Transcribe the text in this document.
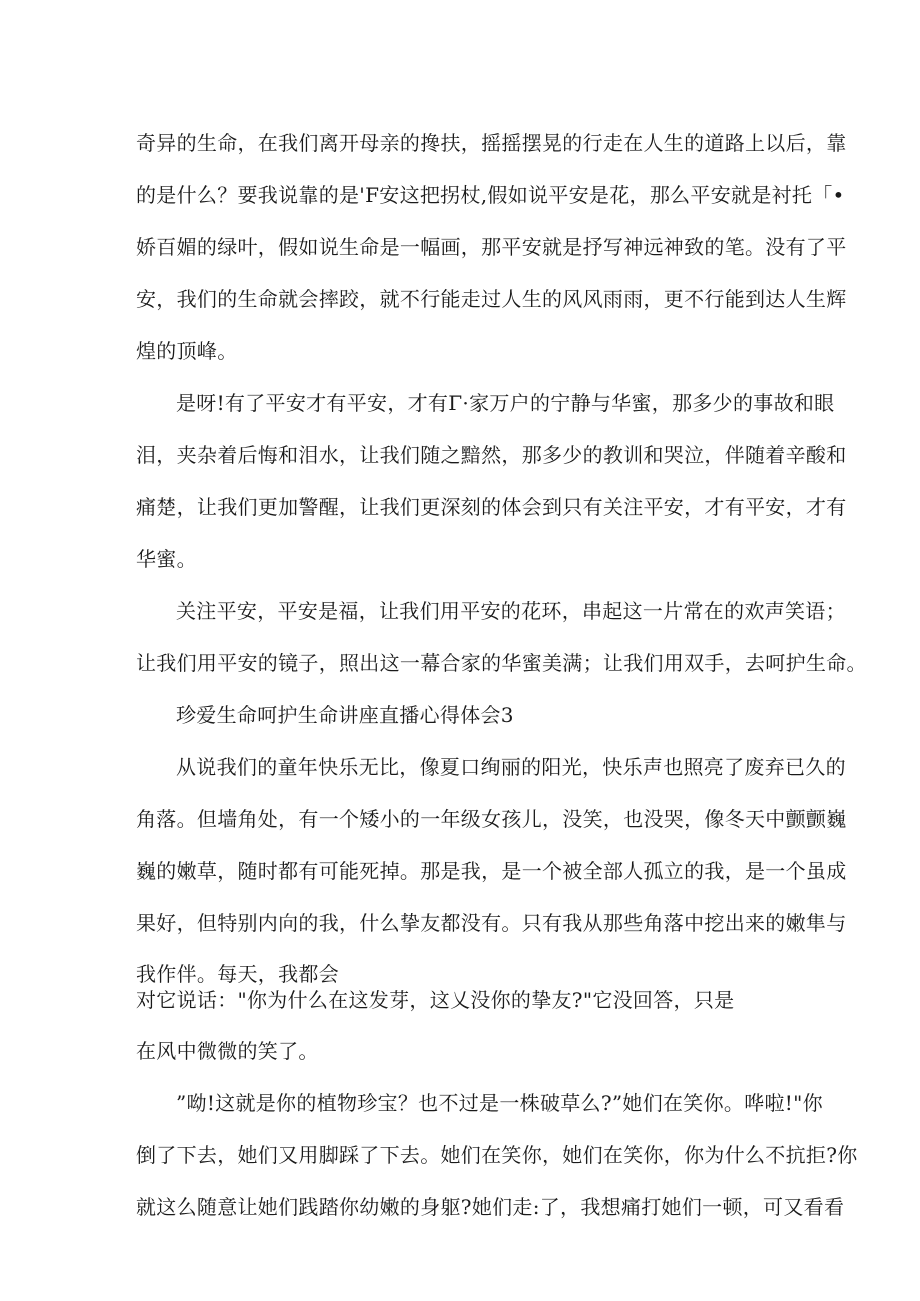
奇异的生命，在我们离开母亲的搀扶，摇摇摆晃的行走在人生的道路上以后，靠
的是什么？要我说靠的是'F安这把拐杖,假如说平安是花，那么平安就是衬托「•
娇百媚的绿叶，假如说生命是一幅画，那平安就是抒写神远神致的笔。没有了平
安，我们的生命就会摔跤，就不行能走过人生的风风雨雨，更不行能到达人生辉
煌的顶峰。
是呀!有了平安才有平安，才有Γ·家万户的宁静与华蜜，那多少的事故和眼
泪，夹杂着后悔和泪水，让我们随之黯然，那多少的教训和哭泣，伴随着辛酸和
痛楚，让我们更加警醒，让我们更深刻的体会到只有关注平安，才有平安，才有
华蜜。
关注平安，平安是福，让我们用平安的花环，串起这一片常在的欢声笑语；
让我们用平安的镜子，照出这一幕合家的华蜜美满；让我们用双手，去呵护生命。
珍爱生命呵护生命讲座直播心得体会3
从说我们的童年快乐无比，像夏口绚丽的阳光，快乐声也照亮了废弃已久的
角落。但墙角处，有一个矮小的一年级女孩儿，没笑，也没哭，像冬天中颤颤巍
巍的嫩草，随时都有可能死掉。那是我，是一个被全部人孤立的我，是一个虽成
果好，但特别内向的我，什么挚友都没有。只有我从那些角落中挖出来的嫩隼与
我作伴。每天，我都会
对它说话："你为什么在这发芽，这乂没你的挚友?"它没回答，只是
在风中微微的笑了。
”呦!这就是你的植物珍宝？也不过是一株破草么?”她们在笑你。哗啦!"你
倒了下去，她们又用脚踩了下去。她们在笑你，她们在笑你，你为什么不抗拒?你
就这么随意让她们践踏你幼嫩的身躯?她们走:了，我想痛打她们一顿，可又看看
